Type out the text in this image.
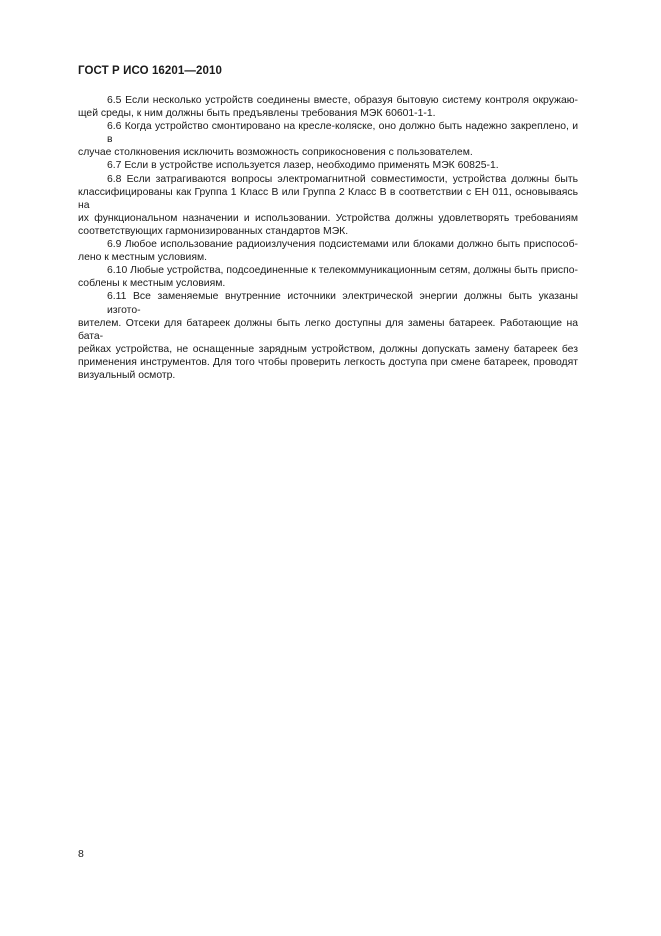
ГОСТ Р ИСО 16201—2010
6.5 Если несколько устройств соединены вместе, образуя бытовую систему контроля окружаю-
щей среды, к ним должны быть предъявлены требования МЭК 60601-1-1.
6.6 Когда устройство смонтировано на кресле-коляске, оно должно быть надежно закреплено, и в
случае столкновения исключить возможность соприкосновения с пользователем.
6.7 Если в устройстве используется лазер, необходимо применять МЭК 60825-1.
6.8 Если затрагиваются вопросы электромагнитной совместимости, устройства должны быть
классифицированы как Группа 1 Класс В или Группа 2 Класс В в соответствии с ЕН 011, основываясь на
их функциональном назначении и использовании. Устройства должны удовлетворять требованиям
соответствующих гармонизированных стандартов МЭК.
6.9 Любое использование радиоизлучения подсистемами или блоками должно быть приспособ-
лено к местным условиям.
6.10 Любые устройства, подсоединенные к телекоммуникационным сетям, должны быть приспо-
соблены к местным условиям.
6.11 Все заменяемые внутренние источники электрической энергии должны быть указаны изгото-
вителем. Отсеки для батареек должны быть легко доступны для замены батареек. Работающие на бата-
рейках устройства, не оснащенные зарядным устройством, должны допускать замену батареек без
применения инструментов. Для того чтобы проверить легкость доступа при смене батареек, проводят
визуальный осмотр.
8
